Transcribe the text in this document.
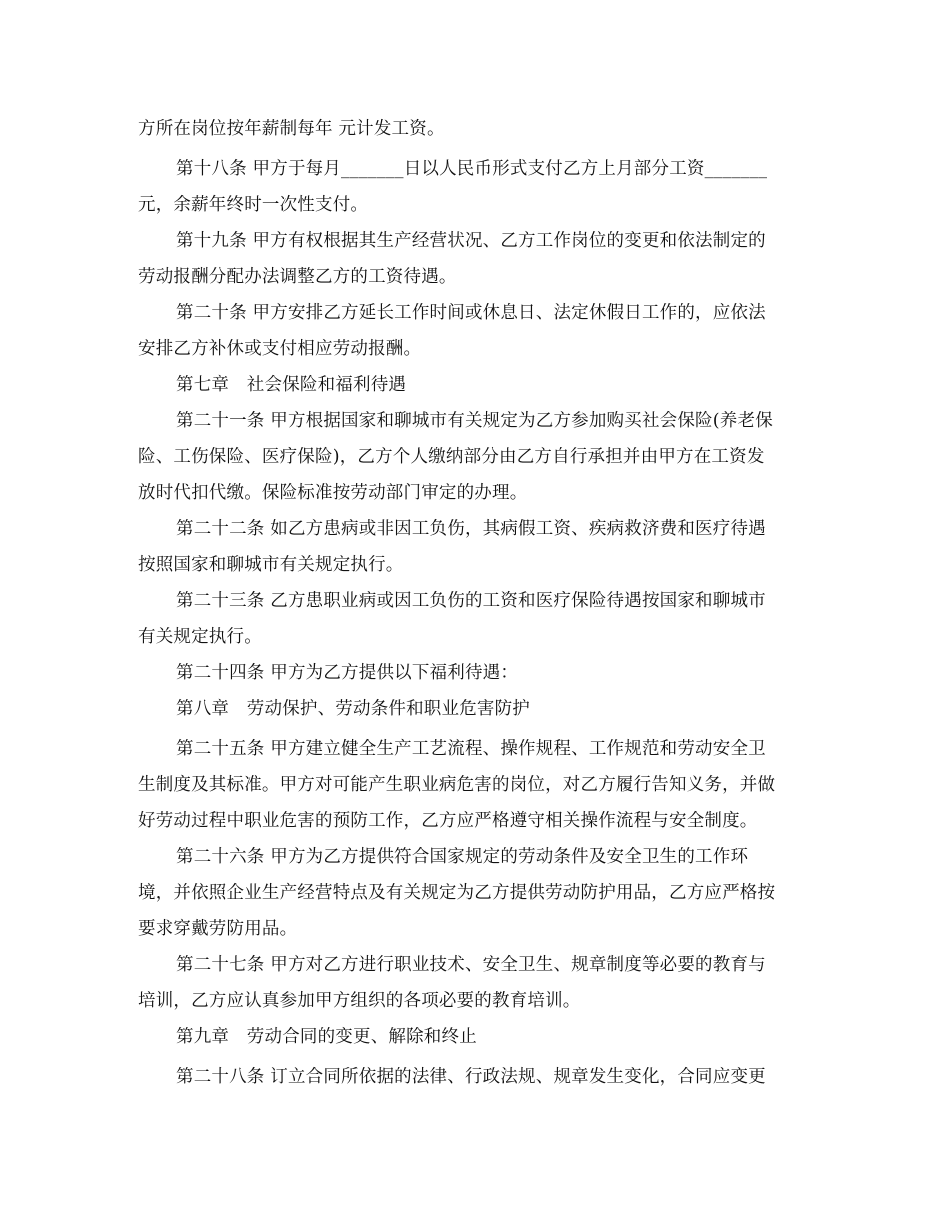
方所在岗位按年薪制每年 元计发工资。
第十八条 甲方于每月_______日以人民币形式支付乙方上月部分工资_______
元，余薪年终时一次性支付。
第十九条 甲方有权根据其生产经营状况、乙方工作岗位的变更和依法制定的
劳动报酬分配办法调整乙方的工资待遇。
第二十条 甲方安排乙方延长工作时间或休息日、法定休假日工作的，应依法
安排乙方补休或支付相应劳动报酬。
第七章　社会保险和福利待遇
第二十一条 甲方根据国家和聊城市有关规定为乙方参加购买社会保险(养老保
险、工伤保险、医疗保险)，乙方个人缴纳部分由乙方自行承担并由甲方在工资发
放时代扣代缴。保险标准按劳动部门审定的办理。
第二十二条 如乙方患病或非因工负伤，其病假工资、疾病救济费和医疗待遇
按照国家和聊城市有关规定执行。
第二十三条 乙方患职业病或因工负伤的工资和医疗保险待遇按国家和聊城市
有关规定执行。
第二十四条 甲方为乙方提供以下福利待遇：
第八章　劳动保护、劳动条件和职业危害防护
第二十五条 甲方建立健全生产工艺流程、操作规程、工作规范和劳动安全卫
生制度及其标准。甲方对可能产生职业病危害的岗位，对乙方履行告知义务，并做
好劳动过程中职业危害的预防工作，乙方应严格遵守相关操作流程与安全制度。
第二十六条 甲方为乙方提供符合国家规定的劳动条件及安全卫生的工作环
境，并依照企业生产经营特点及有关规定为乙方提供劳动防护用品，乙方应严格按
要求穿戴劳防用品。
第二十七条 甲方对乙方进行职业技术、安全卫生、规章制度等必要的教育与
培训，乙方应认真参加甲方组织的各项必要的教育培训。
第九章　劳动合同的变更、解除和终止
第二十八条 订立合同所依据的法律、行政法规、规章发生变化，合同应变更
